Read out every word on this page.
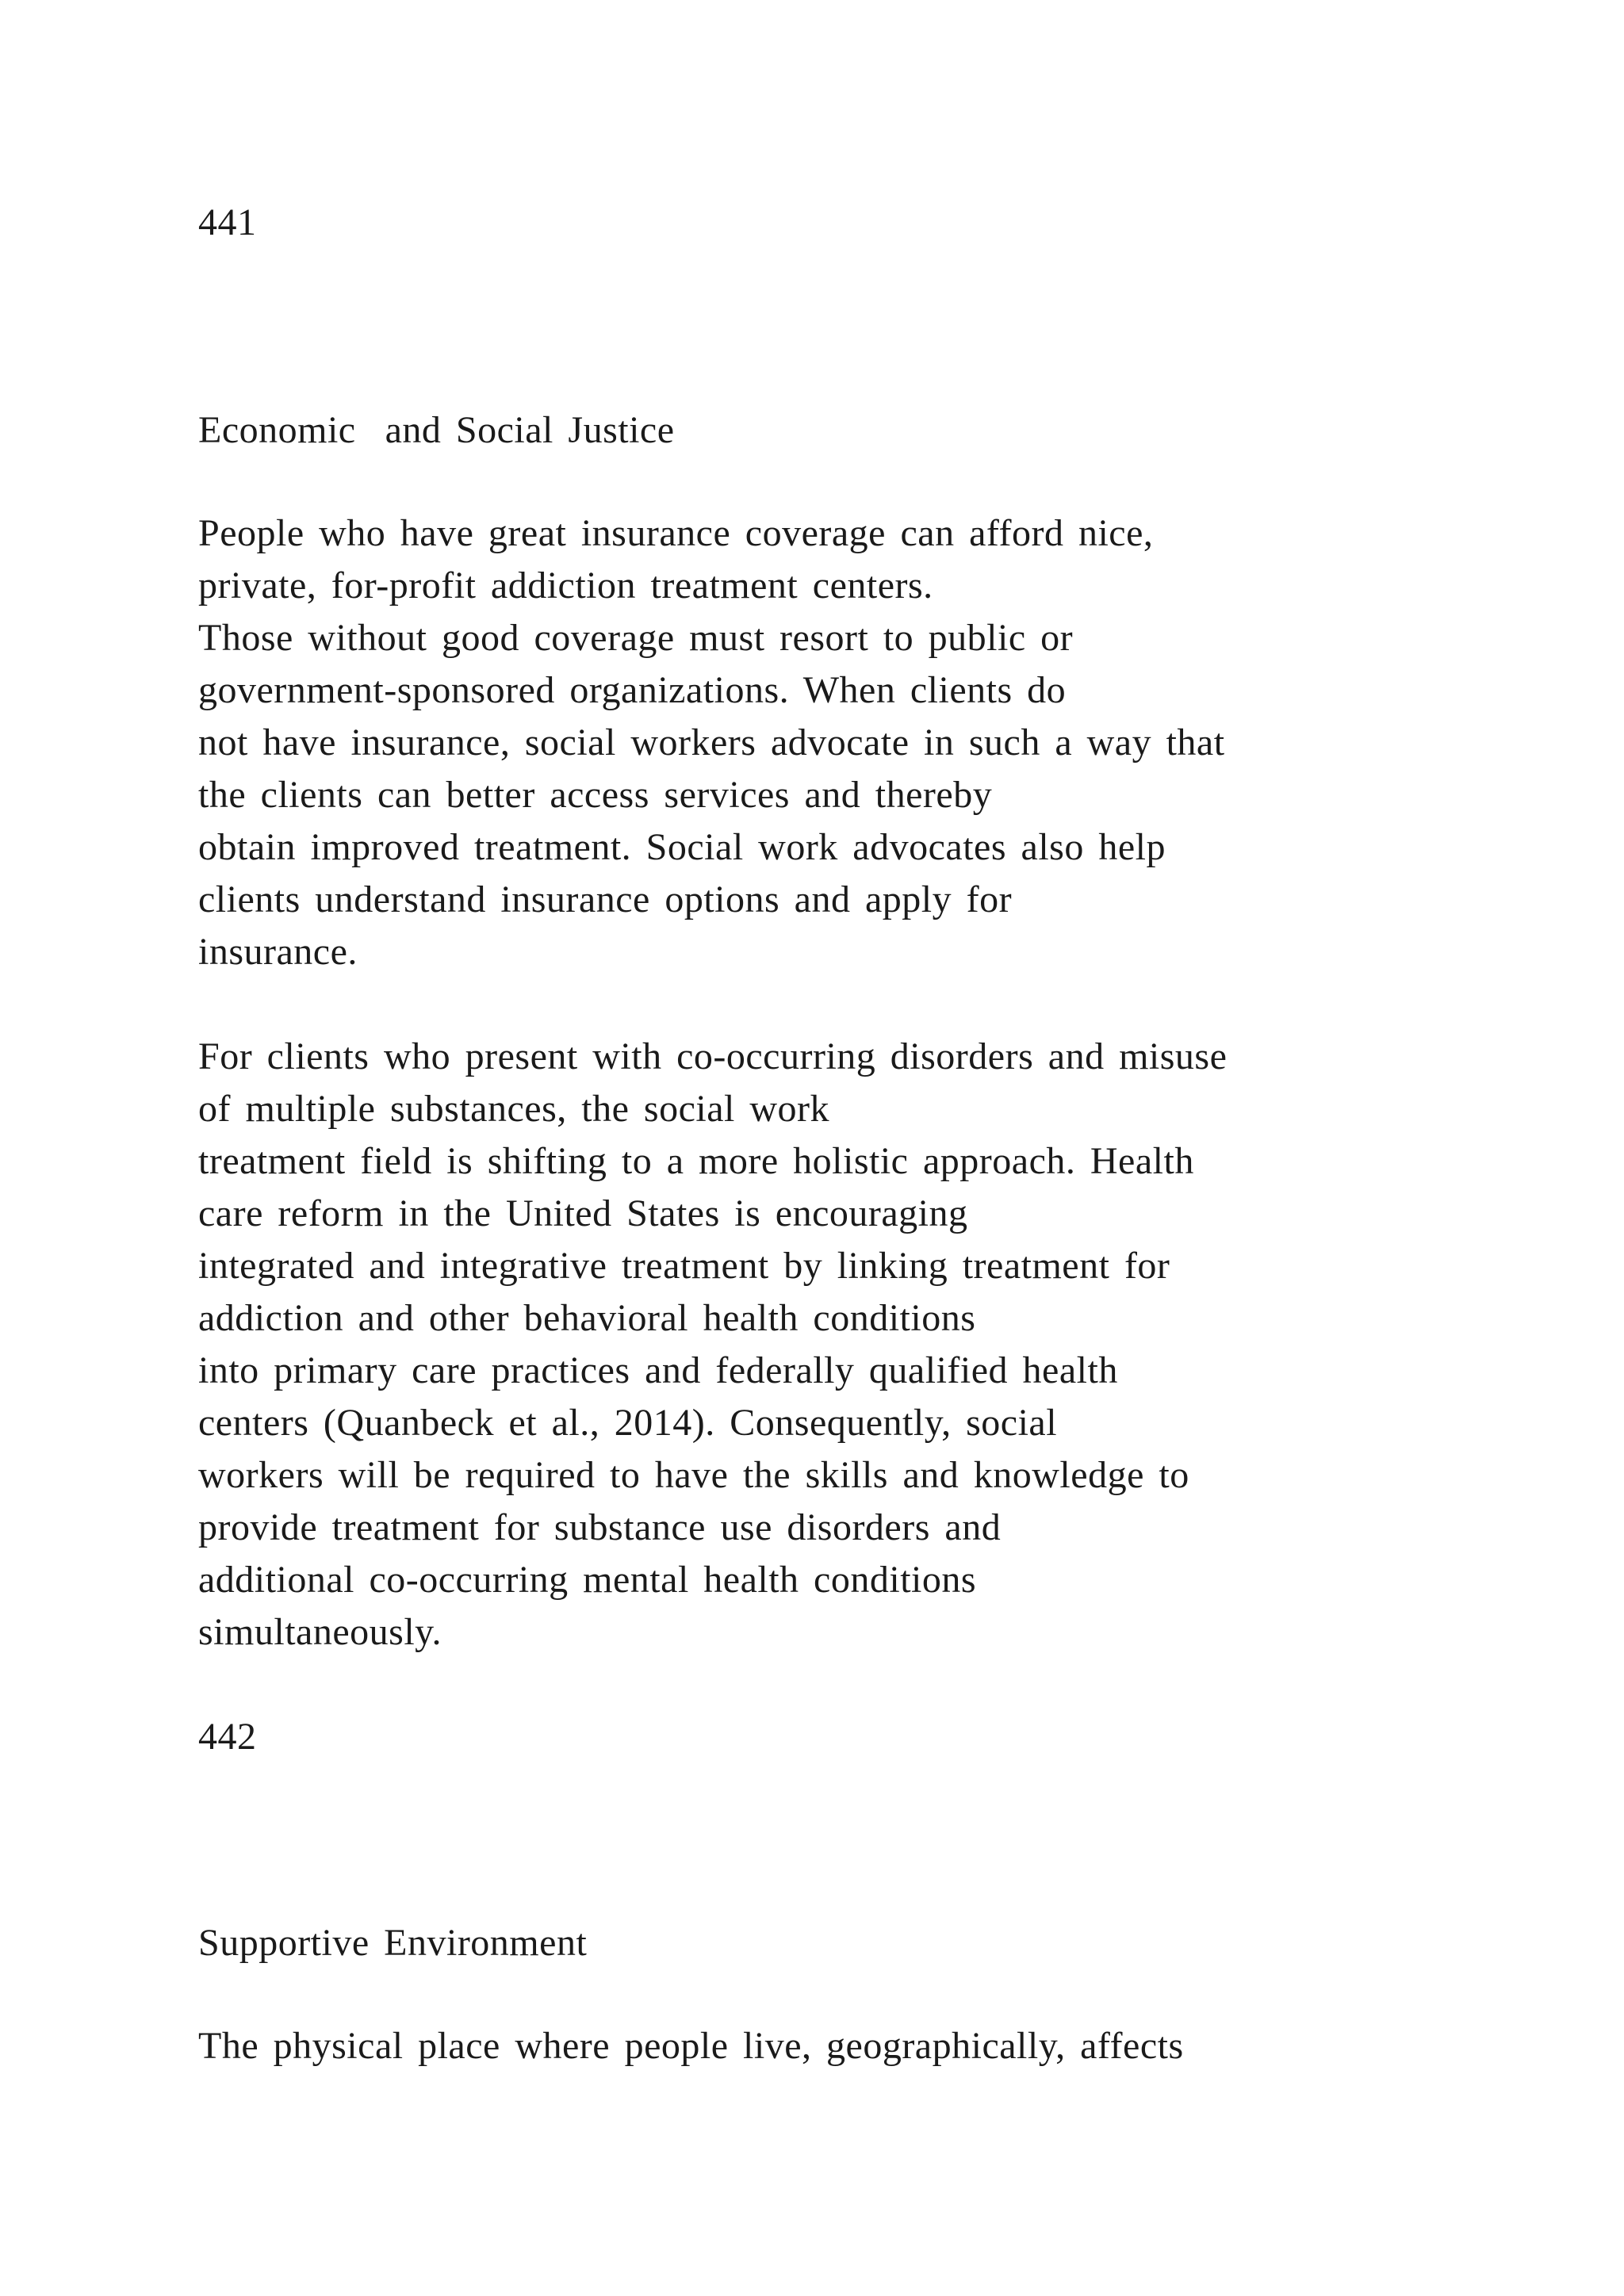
441

Economic  and Social Justice

People who have great insurance coverage can afford nice,

private, for-profit addiction treatment centers.

Those without good coverage must resort to public or

government-sponsored organizations. When clients do

not have insurance, social workers advocate in such a way that

the clients can better access services and thereby

obtain improved treatment. Social work advocates also help

clients understand insurance options and apply for

insurance.

For clients who present with co-occurring disorders and misuse

of multiple substances, the social work

treatment field is shifting to a more holistic approach. Health

care reform in the United States is encouraging

integrated and integrative treatment by linking treatment for

addiction and other behavioral health conditions

into primary care practices and federally qualified health

centers (Quanbeck et al., 2014). Consequently, social

workers will be required to have the skills and knowledge to

provide treatment for substance use disorders and

additional co-occurring mental health conditions

simultaneously.

442

Supportive Environment

The physical place where people live, geographically, affects
